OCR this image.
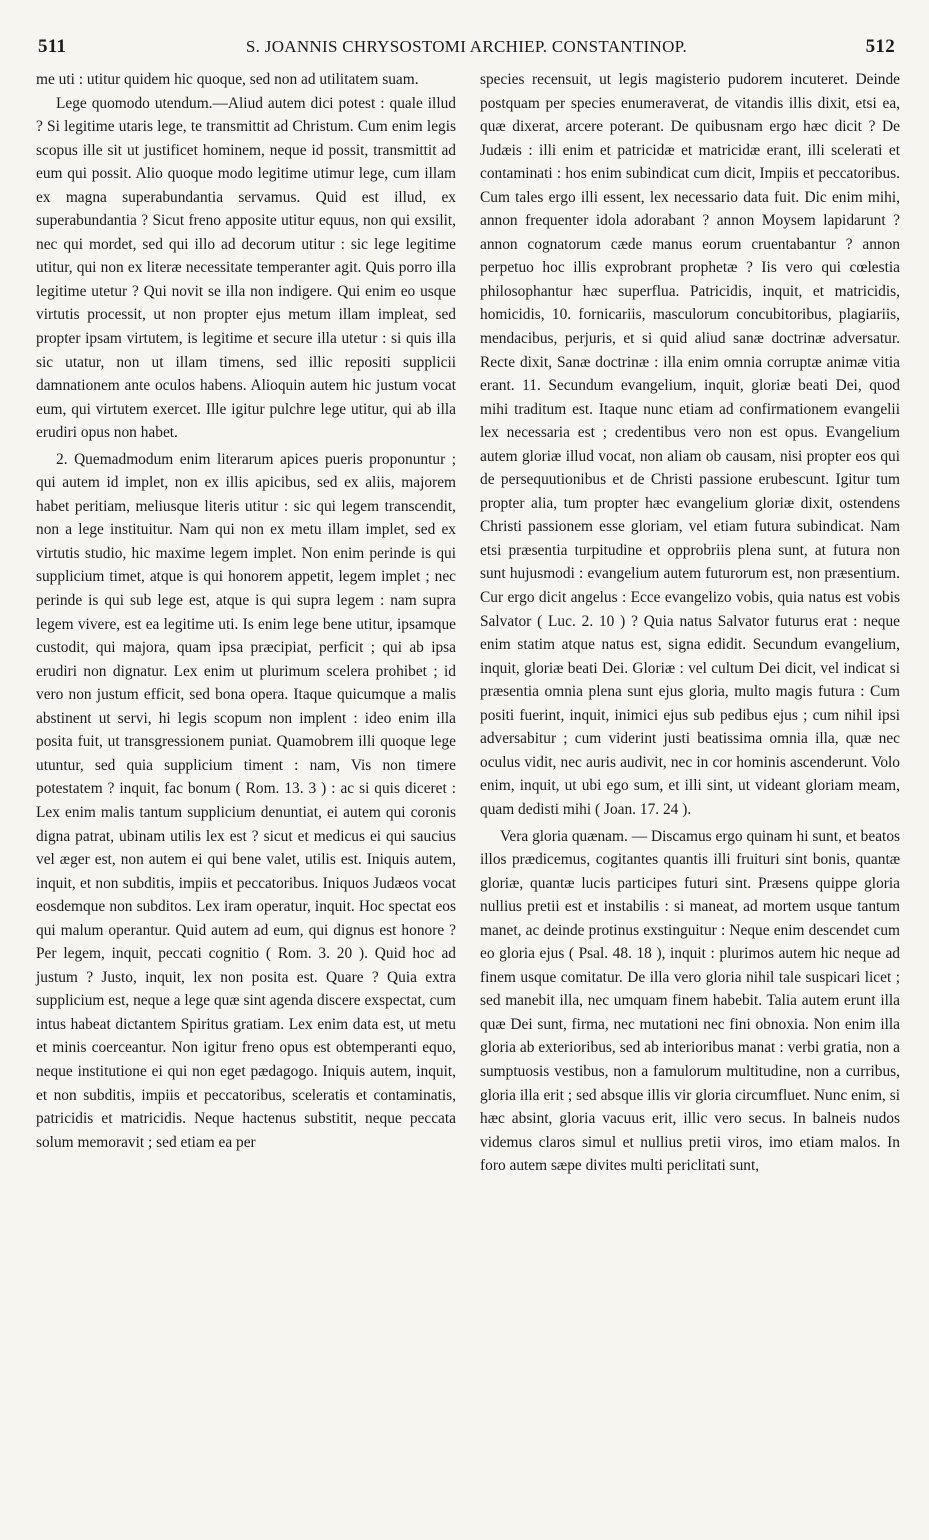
511	S. JOANNIS CHRYSOSTOMI ARCHIEP. CONSTANTINOP.	512

me uti : utitur quidem hic quoque, sed non ad utilitatem suam.

Lege quomodo utendum.—Aliud autem dici potest : quale illud ? Si legitime utaris lege, te transmittit ad Christum. Cum enim legis scopus ille sit ut justificet hominem, neque id possit, transmittit ad eum qui possit. Alio quoque modo legitime utimur lege, cum illam ex magna superabundantia servamus. Quid est illud, ex superabundantia ? Sicut freno apposite utitur equus, non qui exsilit, nec qui mordet, sed qui illo ad decorum utitur : sic lege legitime utitur, qui non ex literæ necessitate temperanter agit. Quis porro illa legitime utetur ? Qui novit se illa non indigere. Qui enim eo usque virtutis processit, ut non propter ejus metum illam impleat, sed propter ipsam virtutem, is legitime et secure illa utetur : si quis illa sic utatur, non ut illam timens, sed illic repositi supplicii damnationem ante oculos habens. Alioquin autem hic justum vocat eum, qui virtutem exercet. Ille igitur pulchre lege utitur, qui ab illa erudiri opus non habet.

2. Quemadmodum enim literarum apices pueris proponuntur ; qui autem id implet, non ex illis apicibus, sed ex aliis, majorem habet peritiam, meliusque literis utitur : sic qui legem transcendit, non a lege instituitur. Nam qui non ex metu illam implet, sed ex virtutis studio, hic maxime legem implet. Non enim perinde is qui supplicium timet, atque is qui honorem appetit, legem implet ; nec perinde is qui sub lege est, atque is qui supra legem : nam supra legem vivere, est ea legitime uti. Is enim lege bene utitur, ipsamque custodit, qui majora, quam ipsa præcipiat, perficit ; qui ab ipsa erudiri non dignatur. Lex enim ut plurimum scelera prohibet ; id vero non justum efficit, sed bona opera. Itaque quicumque a malis abstinent ut servi, hi legis scopum non implent : ideo enim illa posita fuit, ut transgressionem puniat. Quamobrem illi quoque lege utuntur, sed quia supplicium timent : nam, Vis non timere potestatem ? inquit, fac bonum ( Rom. 13. 3 ) : ac si quis diceret : Lex enim malis tantum supplicium denuntiat, ei autem qui coronis digna patrat, ubinam utilis lex est ? sicut et medicus ei qui saucius vel æger est, non autem ei qui bene valet, utilis est. Iniquis autem, inquit, et non subditis, impiis et peccatoribus. Iniquos Judæos vocat eosdemque non subditos. Lex iram operatur, inquit. Hoc spectat eos qui malum operantur. Quid autem ad eum, qui dignus est honore ? Per legem, inquit, peccati cognitio ( Rom. 3. 20 ). Quid hoc ad justum ? Justo, inquit, lex non posita est. Quare ? Quia extra supplicium est, neque a lege quæ sint agenda discere exspectat, cum intus habeat dictantem Spiritus gratiam. Lex enim data est, ut metu et minis coerceantur. Non igitur freno opus est obtemperanti equo, neque institutione ei qui non eget pædagogo. Iniquis autem, inquit, et non subditis, impiis et peccatoribus, sceleratis et contaminatis, patricidis et matricidis. Neque hactenus substitit, neque peccata solum memoravit ; sed etiam ea per

species recensuit, ut legis magisterio pudorem incuteret. Deinde postquam per species enumeraverat, de vitandis illis dixit, etsi ea, quæ dixerat, arcere poterant. De quibusnam ergo hæc dicit ? De Judæis : illi enim et patricidæ et matricidæ erant, illi scelerati et contaminati : hos enim subindicat cum dicit, Impiis et peccatoribus. Cum tales ergo illi essent, lex necessario data fuit. Dic enim mihi, annon frequenter idola adorabant ? annon Moysem lapidarunt ? annon cognatorum cæde manus eorum cruentabantur ? annon perpetuo hoc illis exprobrant prophetæ ? Iis vero qui cœlestia philosophantur hæc superflua. Patricidis, inquit, et matricidis, homicidis, 10. fornicariis, masculorum concubitoribus, plagiariis, mendacibus, perjuris, et si quid aliud sanæ doctrinæ adversatur. Recte dixit, Sanæ doctrinæ : illa enim omnia corruptæ animæ vitia erant. 11. Secundum evangelium, inquit, gloriæ beati Dei, quod mihi traditum est. Itaque nunc etiam ad confirmationem evangelii lex necessaria est ; credentibus vero non est opus. Evangelium autem gloriæ illud vocat, non aliam ob causam, nisi propter eos qui de persequutionibus et de Christi passione erubescunt. Igitur tum propter alia, tum propter hæc evangelium gloriæ dixit, ostendens Christi passionem esse gloriam, vel etiam futura subindicat. Nam etsi præsentia turpitudine et opprobriis plena sunt, at futura non sunt hujusmodi : evangelium autem futurorum est, non præsentium. Cur ergo dicit angelus : Ecce evangelizo vobis, quia natus est vobis Salvator ( Luc. 2. 10 ) ? Quia natus Salvator futurus erat : neque enim statim atque natus est, signa edidit. Secundum evangelium, inquit, gloriæ beati Dei. Gloriæ : vel cultum Dei dicit, vel indicat si præsentia omnia plena sunt ejus gloria, multo magis futura : Cum positi fuerint, inquit, inimici ejus sub pedibus ejus ; cum nihil ipsi adversabitur ; cum viderint justi beatissima omnia illa, quæ nec oculus vidit, nec auris audivit, nec in cor hominis ascenderunt. Volo enim, inquit, ut ubi ego sum, et illi sint, ut videant gloriam meam, quam dedisti mihi ( Joan. 17. 24 ).

Vera gloria quænam. — Discamus ergo quinam hi sunt, et beatos illos prædicemus, cogitantes quantis illi fruituri sint bonis, quantæ gloriæ, quantæ lucis participes futuri sint. Præsens quippe gloria nullius pretii est et instabilis : si maneat, ad mortem usque tantum manet, ac deinde protinus exstinguitur : Neque enim descendet cum eo gloria ejus ( Psal. 48. 18 ), inquit : plurimos autem hic neque ad finem usque comitatur. De illa vero gloria nihil tale suspicari licet ; sed manebit illa, nec umquam finem habebit. Talia autem erunt illa quæ Dei sunt, firma, nec mutationi nec fini obnoxia. Non enim illa gloria ab exterioribus, sed ab interioribus manat : verbi gratia, non a sumptuosis vestibus, non a famulorum multitudine, non a curribus, gloria illa erit ; sed absque illis vir gloria circumfluet. Nunc enim, si hæc absint, gloria vacuus erit, illic vero secus. In balneis nudos videmus claros simul et nullius pretii viros, imo etiam malos. In foro autem sæpe divites multi periclitati sunt,
